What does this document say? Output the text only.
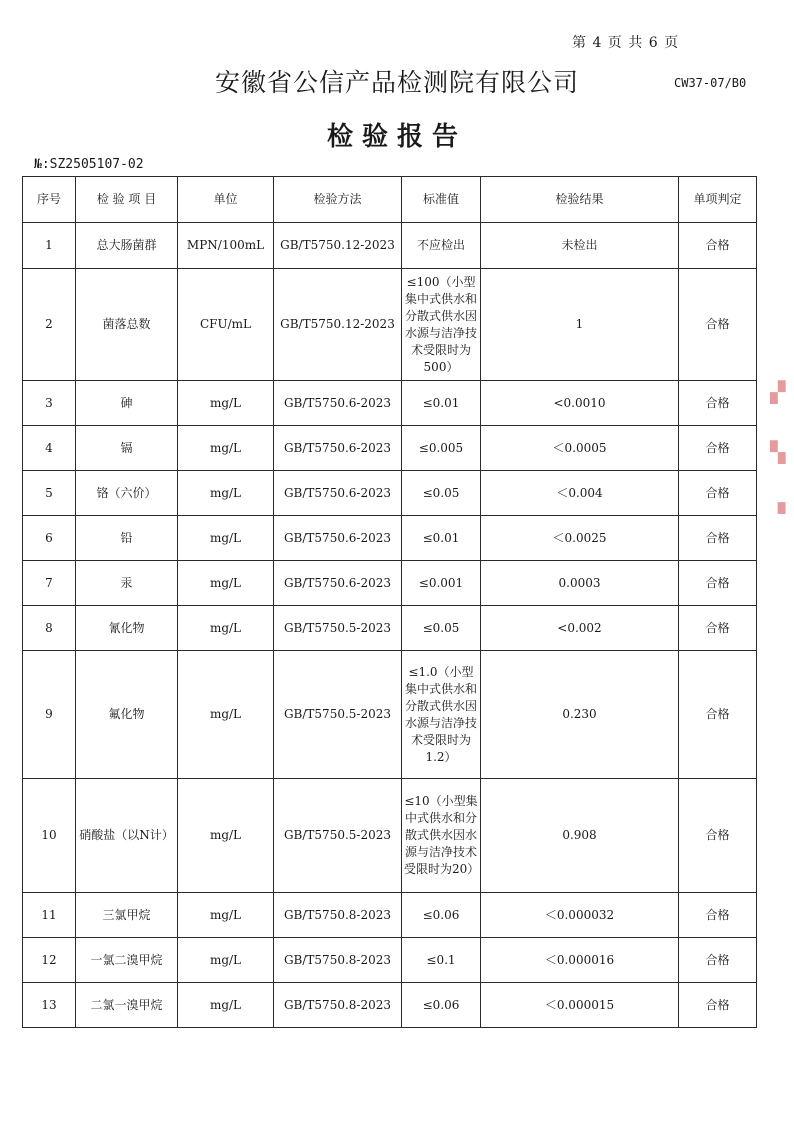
第 4 页 共 6 页
安徽省公信产品检测院有限公司	CW37-07/B0
检验报告
№:SZ2505107-02
▞
▚
▗
序号	检 验 项 目	单位	检验方法	标准值	检验结果	单项判定
1	总大肠菌群	MPN/100mL	GB/T5750.12-2023	不应检出	未检出	合格
2	菌落总数	CFU/mL	GB/T5750.12-2023	≤100（小型集中式供水和分散式供水因水源与洁净技术受限时为500）	1	合格
3	砷	mg/L	GB/T5750.6-2023	≤0.01	<0.0010	合格
4	镉	mg/L	GB/T5750.6-2023	≤0.005	＜0.0005	合格
5	铬（六价）	mg/L	GB/T5750.6-2023	≤0.05	＜0.004	合格
6	铅	mg/L	GB/T5750.6-2023	≤0.01	＜0.0025	合格
7	汞	mg/L	GB/T5750.6-2023	≤0.001	0.0003	合格
8	氰化物	mg/L	GB/T5750.5-2023	≤0.05	<0.002	合格
9	氟化物	mg/L	GB/T5750.5-2023	≤1.0（小型集中式供水和分散式供水因水源与洁净技术受限时为1.2）	0.230	合格
10	硝酸盐（以N计）	mg/L	GB/T5750.5-2023	≤10（小型集中式供水和分散式供水因水源与洁净技术受限时为20）	0.908	合格
11	三氯甲烷	mg/L	GB/T5750.8-2023	≤0.06	＜0.000032	合格
12	一氯二溴甲烷	mg/L	GB/T5750.8-2023	≤0.1	＜0.000016	合格
13	二氯一溴甲烷	mg/L	GB/T5750.8-2023	≤0.06	＜0.000015	合格
